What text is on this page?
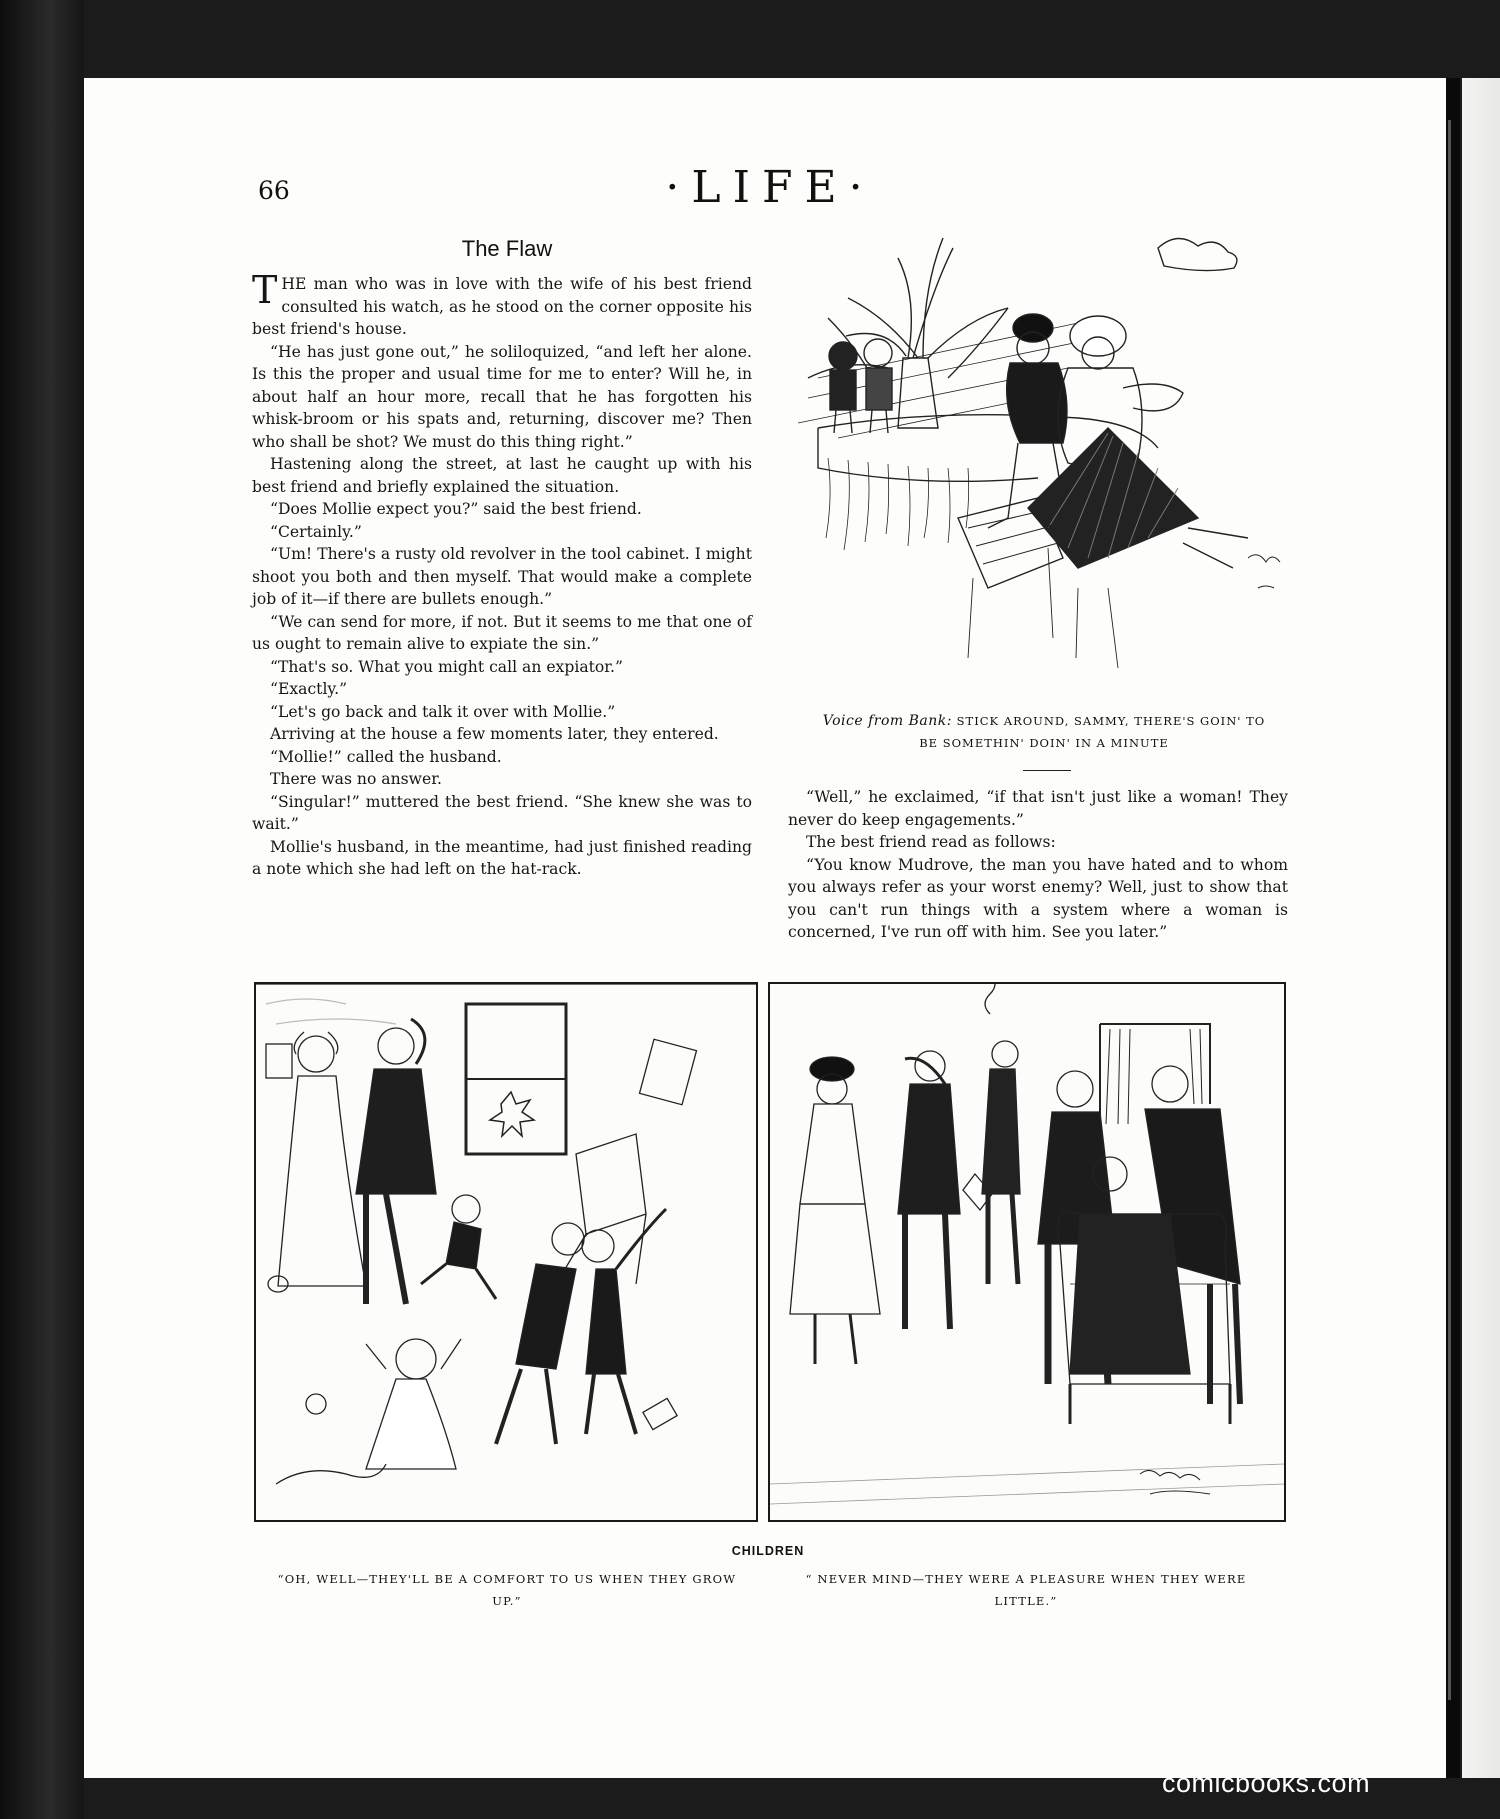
66	·LIFE·
The Flaw

THE man who was in love with the wife of his best friend consulted his watch, as he stood on the corner opposite his best friend's house.

“He has just gone out,” he soliloquized, “and left her alone. Is this the proper and usual time for me to enter? Will he, in about half an hour more, recall that he has forgotten his whisk-broom or his spats and, returning, discover me? Then who shall be shot? We must do this thing right.”

Hastening along the street, at last he caught up with his best friend and briefly explained the situation.

“Does Mollie expect you?” said the best friend.

“Certainly.”

“Um! There's a rusty old revolver in the tool cabinet. I might shoot you both and then myself. That would make a complete job of it—if there are bullets enough.”

“We can send for more, if not. But it seems to me that one of us ought to remain alive to expiate the sin.”

“That's so. What you might call an expiator.”

“Exactly.”

“Let's go back and talk it over with Mollie.”

Arriving at the house a few moments later, they entered.

“Mollie!” called the husband.

There was no answer.

“Singular!” muttered the best friend. “She knew she was to wait.”

Mollie's husband, in the meantime, had just finished reading a note which she had left on the hat-rack.

Voice from Bank: STICK AROUND, SAMMY, THERE'S GOIN' TO
BE SOMETHIN' DOIN' IN A MINUTE

“Well,” he exclaimed, “if that isn't just like a woman! They never do keep engagements.”

The best friend read as follows:

“You know Mudrove, the man you have hated and to whom you always refer as your worst enemy? Well, just to show that you can't run things with a system where a woman is concerned, I've run off with him. See you later.”

CHILDREN
“OH, WELL—THEY'LL BE A COMFORT TO US WHEN THEY GROW UP.”
“ NEVER MIND—THEY WERE A PLEASURE WHEN THEY WERE LITTLE.”
comicbooks.com
